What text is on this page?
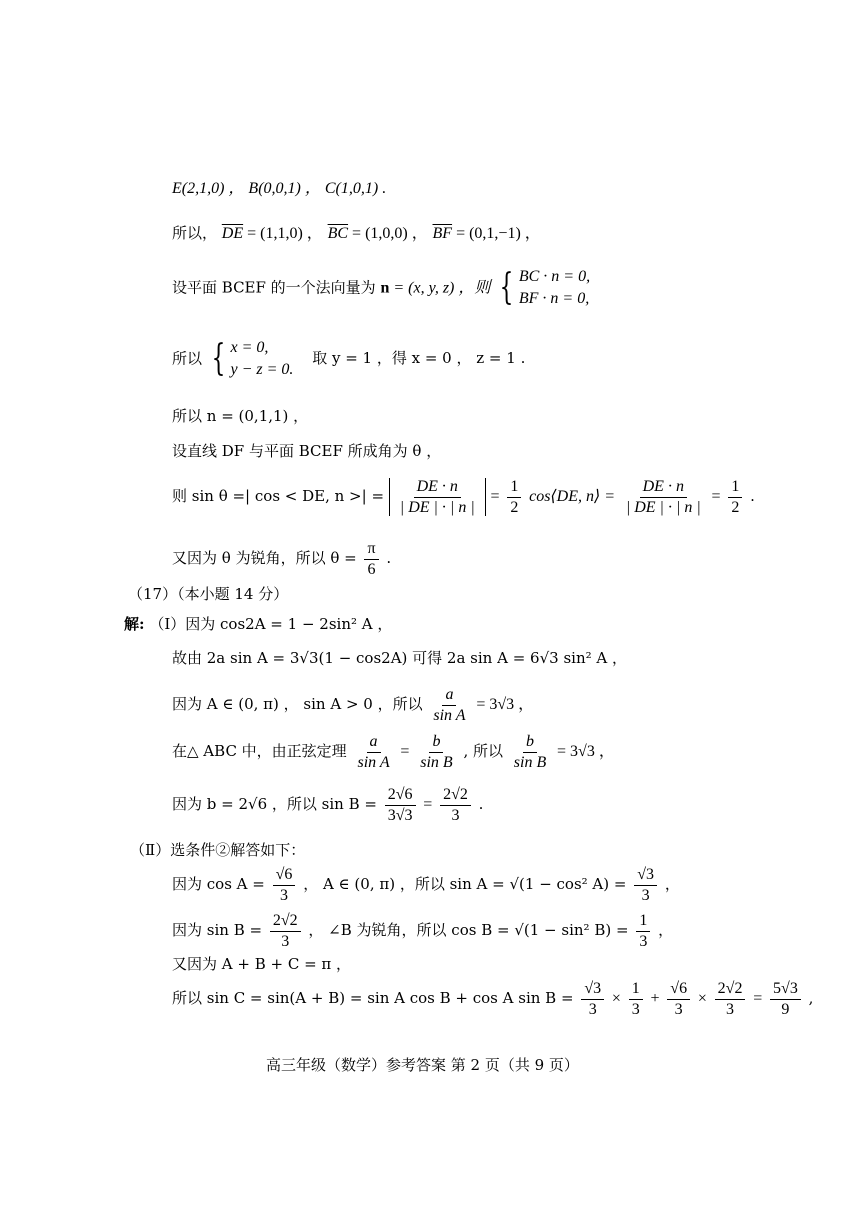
E(2,1,0) ， B(0,0,1) ， C(1,0,1) .
所以， $\overline{DE} = (1,1,0)$ ， $\overline{BC} = (1,0,0)$ ， $\overline{BF} = (0,1,-1)$ ，
设平面 BCEF 的一个法向量为 n = (x, y, z) ，则 { BC · n = 0,
BF · n = 0,
所以 { x = 0,
y − z = 0.
取 y = 1 ，得 x = 0 ， z = 1 .
所以 n = (0,1,1) ，
设直线 DF 与平面 BCEF 所成角为 θ ，
则 sin θ =| cos < DE, n >| = $\frac{DE \cdot n}{| DE | \cdot | n |} = \frac{1}{2}$ cos⟨DE, n⟩ = $\frac{DE \cdot n}{| DE | \cdot | n |} = \frac{1}{2}$ .
又因为 θ 为锐角，所以 $\theta = \frac{\pi}{6}$ .
（17）（本小题 14 分）
解: （Ⅰ）因为 cos2A = 1 − 2sin² A ，
故由 2a sin A = 3√3(1 − cos2A) 可得 2a sin A = 6√3 sin² A ，
因为 A ∈ (0, π) ， sin A > 0 ，所以 $\frac{a}{\text{sin A}} = 3√3$ ，
在△ ABC 中，由正弦定理 $\frac{a}{\text{sin A}} = \frac{b}{\text{sin B}}$ , 所以 $\frac{b}{\text{sin B}} = 3√3$ ，
因为 b = 2√6 ，所以 $\sin B = \frac{2√6}{3√3} = \frac{2√2}{3}$ .
（Ⅱ）选条件②解答如下：
因为 $\cos A = \frac{√6}{3}$ ， A ∈ (0, π) ，所以 sin A = √(1 − cos² $A) = \frac{√3}{3}$ ，
因为 $\sin B = \frac{2√2}{3}$ ， ∠B 为锐角，所以 cos B = √(1 − sin² $B) = \frac{1}{3}$ ，
又因为 A + B + C = π ，
所以 sin C = sin(A + B) = sin A cos B + cos A $\sin B = \frac{√3}{3} \times \frac{1}{3} + \frac{√6}{3} \times \frac{2√2}{3} = \frac{5√3}{9}$ ,
高三年级（数学）参考答案 第 2 页（共 9 页）
